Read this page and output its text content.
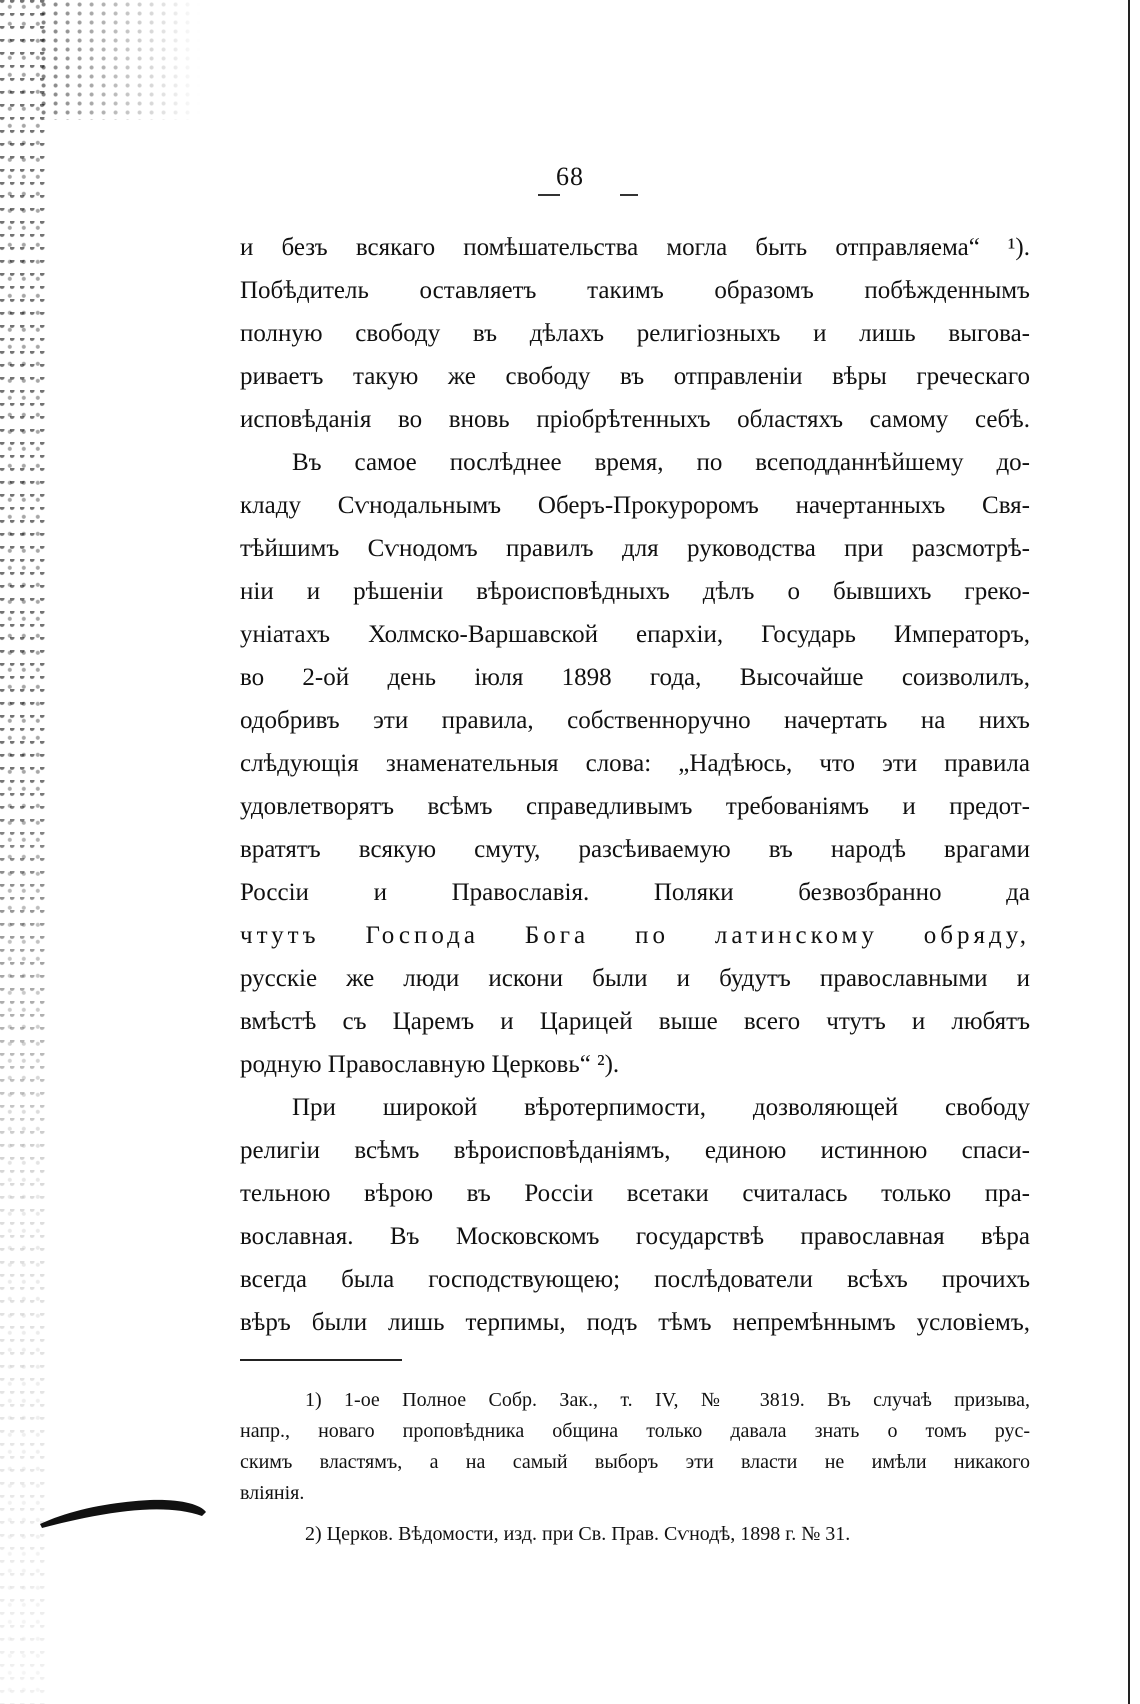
68
и безъ всякаго помѣшательства могла быть отправляема“ ¹).
Побѣдитель оставляетъ такимъ образомъ побѣжденнымъ
полную свободу въ дѣлахъ религіозныхъ и лишь выгова-
риваетъ такую же свободу въ отправленіи вѣры греческаго
исповѣданія во вновь пріобрѣтенныхъ областяхъ самому себѣ.
Въ самое послѣднее время, по всеподданнѣйшему до-
кладу Сѵнодальнымъ Оберъ-Прокуроромъ начертанныхъ Свя-
тѣйшимъ Сѵнодомъ правилъ для руководства при разсмотрѣ-
ніи и рѣшеніи вѣроисповѣдныхъ дѣлъ о бывшихъ греко-
уніатахъ Холмско-Варшавской епархіи, Государь Императоръ,
во 2-ой день іюля 1898 года, Высочайше соизволилъ,
одобривъ эти правила, собственноручно начертать на нихъ
слѣдующія знаменательныя слова: „Надѣюсь, что эти правила
удовлетворятъ всѣмъ справедливымъ требованіямъ и предот-
вратятъ всякую смуту, разсѣиваемую въ народѣ врагами
Россіи и Православія. Поляки безвозбранно да
чтутъ Господа Бога по латинскому обряду,
русскіе же люди искони были и будутъ православными и
вмѣстѣ съ Царемъ и Царицей выше всего чтутъ и любятъ
родную Православную Церковь“ ²).
При широкой вѣротерпимости, дозволяющей свободу
религіи всѣмъ вѣроисповѣданіямъ, единою истинною спаси-
тельною вѣрою въ Россіи всетаки считалась только пра-
вославная. Въ Московскомъ государствѣ православная вѣра
всегда была господствующею; послѣдователи всѣхъ прочихъ
вѣръ были лишь терпимы, подъ тѣмъ непремѣннымъ условіемъ,
1) 1-ое Полное Собр. Зак., т. IV, № 3819. Въ случаѣ призыва,
напр., новаго проповѣдника община только давала знать о томъ рус-
скимъ властямъ, а на самый выборъ эти власти не имѣли никакого
вліянія.
2) Церков. Вѣдомости, изд. при Св. Прав. Сѵнодѣ, 1898 г. № 31.
